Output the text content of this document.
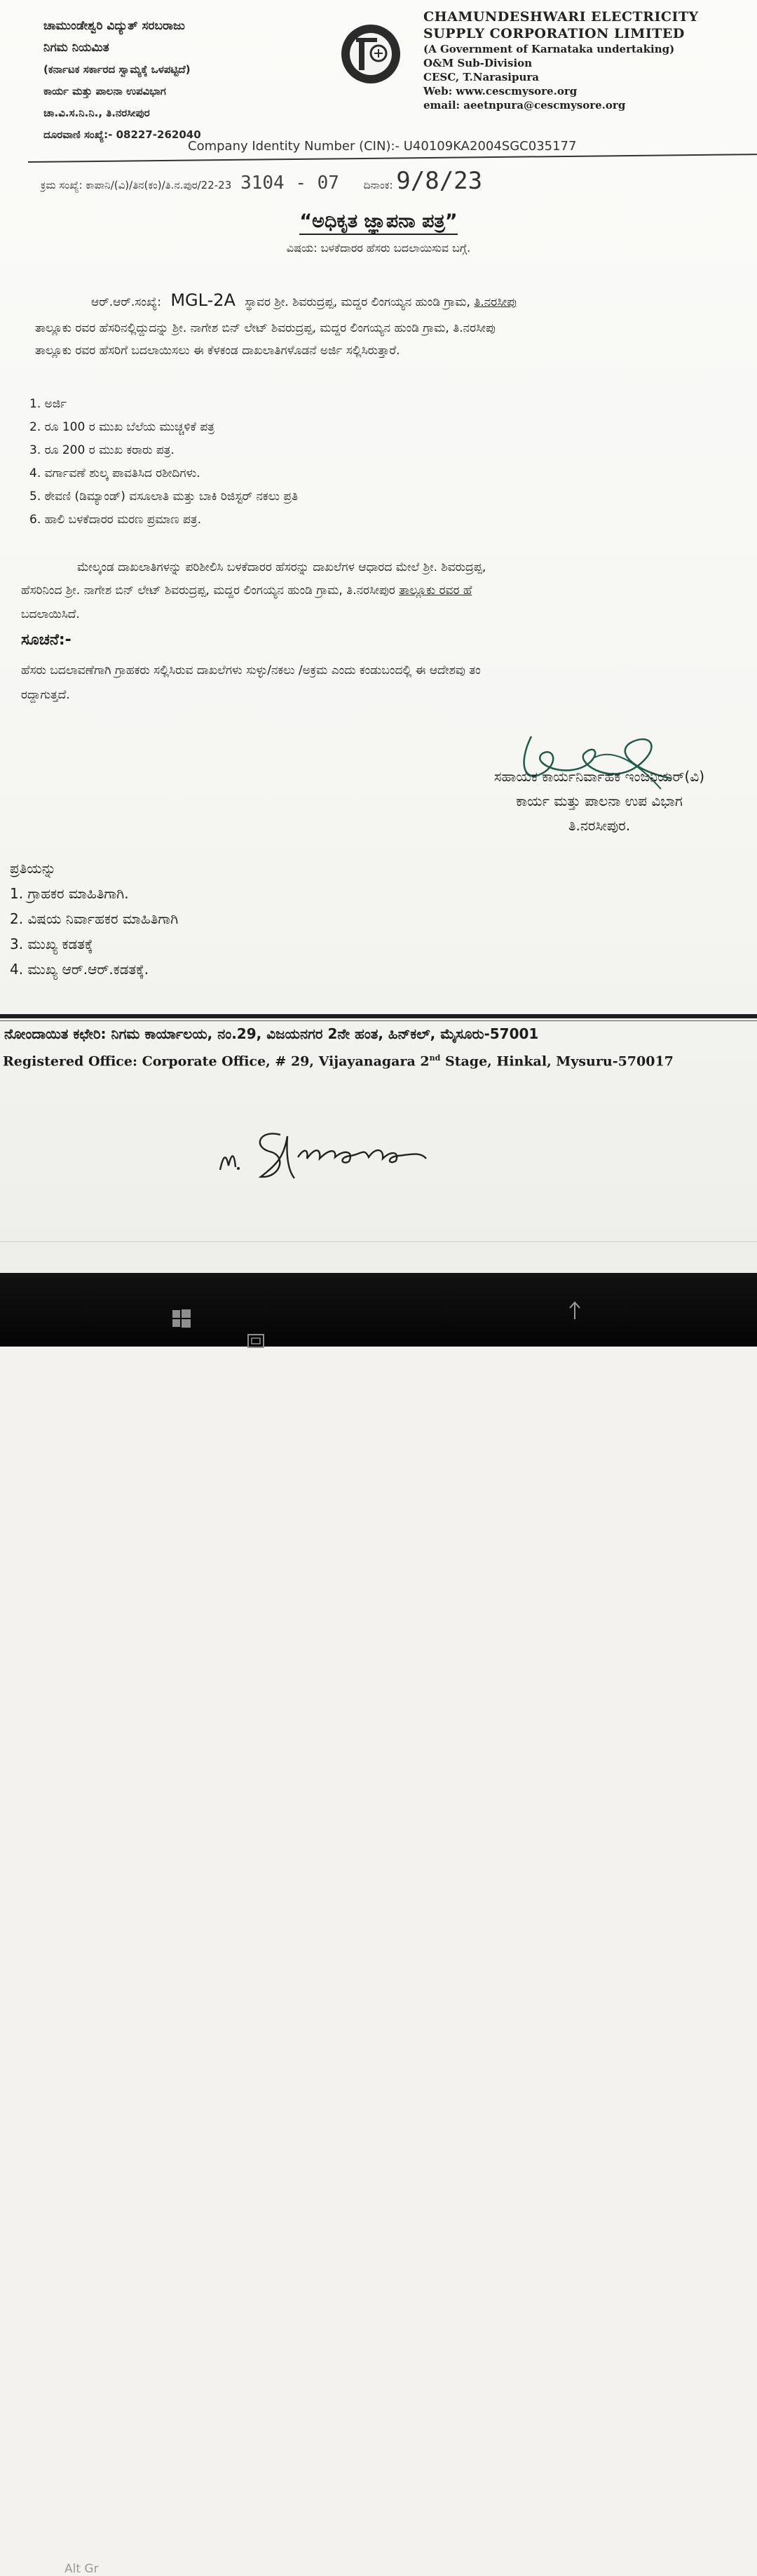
ಚಾಮುಂಡೇಶ್ವರಿ ವಿದ್ಯುತ್ ಸರಬರಾಜು
ನಿಗಮ ನಿಯಮಿತ
(ಕರ್ನಾಟಕ ಸರ್ಕಾರದ ಸ್ವಾಮ್ಯಕ್ಕೆ ಒಳಪಟ್ಟಿದೆ)
ಕಾರ್ಯ ಮತ್ತು ಪಾಲನಾ ಉಪವಿಭಾಗ
ಚಾ.ವಿ.ಸ.ನಿ.ನಿ., ತಿ.ನರಸೀಪುರ
ದೂರವಾಣಿ ಸಂಖ್ಯೆ:- 08227-262040
CHAMUNDESHWARI ELECTRICITY
SUPPLY CORPORATION LIMITED
(A Government of Karnataka undertaking)
O&M Sub-Division
CESC, T.Narasipura
Web: www.cescmysore.org
email: aeetnpura@cescmysore.org
Company Identity Number (CIN):- U40109KA2004SGC035177
ಕ್ರಮ ಸಂಖ್ಯೆ: ಕಾಪಾನಿ/(ವಿ)/ತಿನ(ಕಂ)/ತಿ.ನ.ಪುರ/22-23 3104 - 07 ದಿನಾಂಕ: 9/8/23
“ಅಧಿಕೃತ ಜ್ಞಾಪನಾ ಪತ್ರ”
ವಿಷಯ: ಬಳಕೆದಾರರ ಹೆಸರು ಬದಲಾಯಿಸುವ ಬಗ್ಗೆ.
ಆರ್.ಆರ್.ಸಂಖ್ಯೆ: MGL-2A ಸ್ಥಾವರ ಶ್ರೀ. ಶಿವರುದ್ರಪ್ಪ, ಮದ್ದರ ಲಿಂಗಯ್ಯನ ಹುಂಡಿ ಗ್ರಾಮ, ತಿ.ನರಸೀಪು
ತಾಲ್ಲೂಕು ರವರ ಹೆಸರಿನಲ್ಲಿದ್ದುದನ್ನು ಶ್ರೀ. ನಾಗೇಶ ಬಿನ್ ಲೇಟ್ ಶಿವರುದ್ರಪ್ಪ, ಮದ್ದರ ಲಿಂಗಯ್ಯನ ಹುಂಡಿ ಗ್ರಾಮ, ತಿ.ನರಸೀಪು
ತಾಲ್ಲೂಕು ರವರ ಹೆಸರಿಗೆ ಬದಲಾಯಿಸಲು ಈ ಕೆಳಕಂಡ ದಾಖಲಾತಿಗಳೊಡನೆ ಅರ್ಜಿ ಸಲ್ಲಿಸಿರುತ್ತಾರೆ.
1. ಅರ್ಜಿ
2. ರೂ 100 ರ ಮುಖ ಬೆಲೆಯ ಮುಚ್ಚಳಿಕೆ ಪತ್ರ
3. ರೂ 200 ರ ಮುಖ ಕರಾರು ಪತ್ರ.
4. ವರ್ಗಾವಣೆ ಶುಲ್ಕ ಪಾವತಿಸಿದ ರಶೀದಿಗಳು.
5. ಠೇವಣಿ (ಡಿಮ್ಯಾಂಡ್) ವಸೂಲಾತಿ ಮತ್ತು ಬಾಕಿ ರಿಜಿಸ್ಟರ್ ನಕಲು ಪ್ರತಿ
6. ಹಾಲಿ ಬಳಕೆದಾರರ ಮರಣ ಪ್ರಮಾಣ ಪತ್ರ.
ಮೇಲ್ಕಂಡ ದಾಖಲಾತಿಗಳನ್ನು ಪರಿಶೀಲಿಸಿ ಬಳಕೆದಾರರ ಹೆಸರನ್ನು ದಾಖಲೆಗಳ ಆಧಾರದ ಮೇಲೆ ಶ್ರೀ. ಶಿವರುದ್ರಪ್ಪ,
ಹೆಸರಿನಿಂದ ಶ್ರೀ. ನಾಗೇಶ ಬಿನ್ ಲೇಟ್ ಶಿವರುದ್ರಪ್ಪ, ಮದ್ದರ ಲಿಂಗಯ್ಯನ ಹುಂಡಿ ಗ್ರಾಮ, ತಿ.ನರಸೀಪುರ ತಾಲ್ಲೂಕು ರವರ ಹೆ
ಬದಲಾಯಿಸಿದೆ.
ಸೂಚನೆ:-
ಹೆಸರು ಬದಲಾವಣೆಗಾಗಿ ಗ್ರಾಹಕರು ಸಲ್ಲಿಸಿರುವ ದಾಖಲೆಗಳು ಸುಳ್ಳು/ನಕಲು /ಅಕ್ರಮ ಎಂದು ಕಂಡುಬಂದಲ್ಲಿ ಈ ಆದೇಶವು ತಂ
ರದ್ದಾಗುತ್ತದೆ.
ಸಹಾಯಕ ಕಾರ್ಯನಿರ್ವಾಹಕ ಇಂಜನಿಯರ್(ವಿ)
ಕಾರ್ಯ ಮತ್ತು ಪಾಲನಾ ಉಪ ವಿಭಾಗ
ತಿ.ನರಸೀಪುರ.
ಪ್ರತಿಯನ್ನು
1. ಗ್ರಾಹಕರ ಮಾಹಿತಿಗಾಗಿ.
2. ವಿಷಯ ನಿರ್ವಾಹಕರ ಮಾಹಿತಿಗಾಗಿ
3. ಮುಖ್ಯ ಕಡತಕ್ಕೆ
4. ಮುಖ್ಯ ಆರ್.ಆರ್.ಕಡತಕ್ಕೆ.
ನೋಂದಾಯಿತ ಕಛೇರಿ: ನಿಗಮ ಕಾರ್ಯಾಲಯ, ನಂ.29, ವಿಜಯನಗರ 2ನೇ ಹಂತ, ಹಿನ್‌ಕಲ್, ಮೈಸೂರು-57001
Registered Office: Corporate Office, # 29, Vijayanagara 2nd Stage, Hinkal, Mysuru-570017
Alt Gr
